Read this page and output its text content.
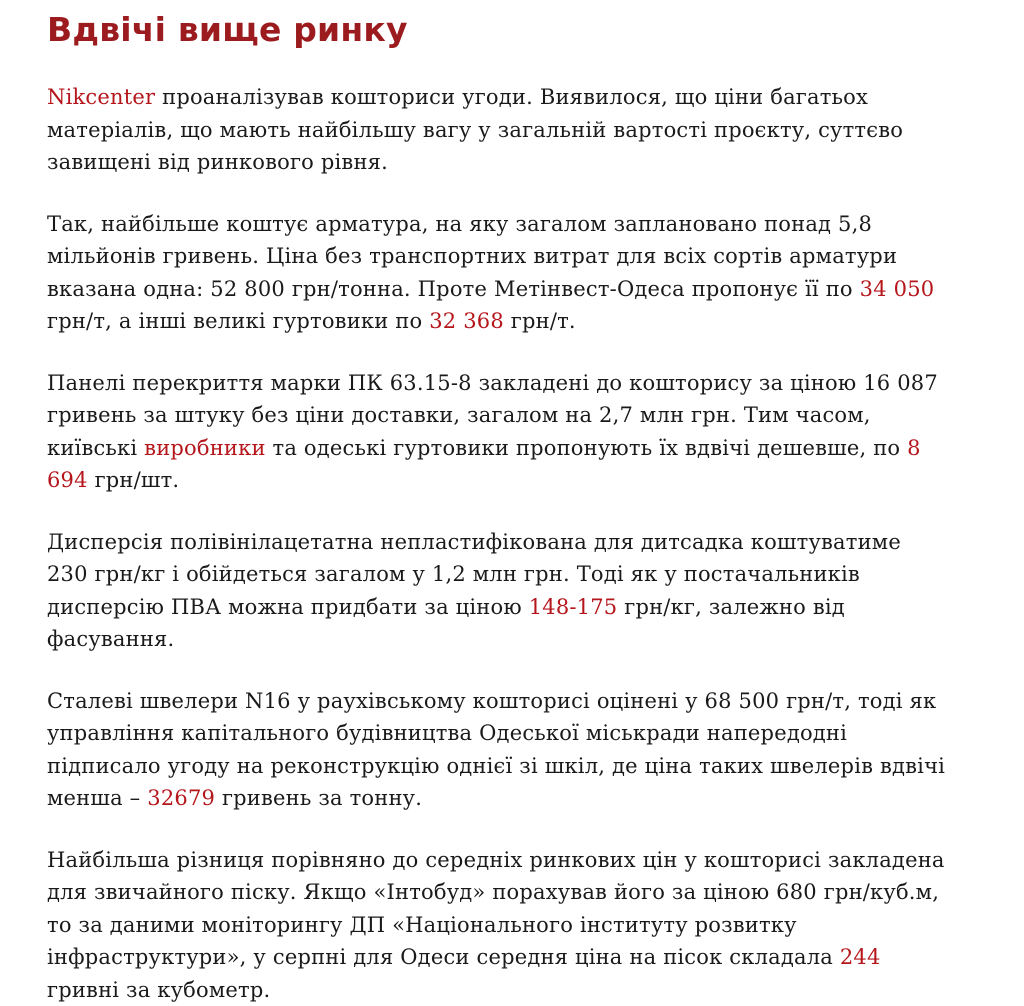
Вдвічі вище ринку

Nikcenter проаналізував кошториси угоди. Виявилося, що ціни багатьох матеріалів, що мають найбільшу вагу у загальній вартості проєкту, суттєво завищені від ринкового рівня.

Так, найбільше коштує арматура, на яку загалом заплановано понад 5,8 мільйонів гривень. Ціна без транспортних витрат для всіх сортів арматури вказана одна: 52 800 грн/тонна. Проте Метінвест-Одеса пропонує її по 34 050 грн/т, а інші великі гуртовики по 32 368 грн/т.

Панелі перекриття марки ПК 63.15-8 закладені до кошторису за ціною 16 087 гривень за штуку без ціни доставки, загалом на 2,7 млн грн. Тим часом, київські виробники та одеські гуртовики пропонують їх вдвічі дешевше, по 8 694 грн/шт.

Дисперсія полівінілацетатна непластифікована для дитсадка коштуватиме 230 грн/кг і обійдеться загалом у 1,2 млн грн. Тоді як у постачальників дисперсію ПВА можна придбати за ціною 148-175 грн/кг, залежно від фасування.

Сталеві швелери N16 у раухівському кошторисі оцінені у 68 500 грн/т, тоді як управління капітального будівництва Одеської міськради напередодні підписало угоду на реконструкцію однієї зі шкіл, де ціна таких швелерів вдвічі менша – 32679 гривень за тонну.

Найбільша різниця порівняно до середніх ринкових цін у кошторисі закладена для звичайного піску. Якщо «Інтобуд» порахував його за ціною 680 грн/куб.м, то за даними моніторингу ДП «Національного інституту розвитку інфраструктури», у серпні для Одеси середня ціна на пісок складала 244 гривні за кубометр.
